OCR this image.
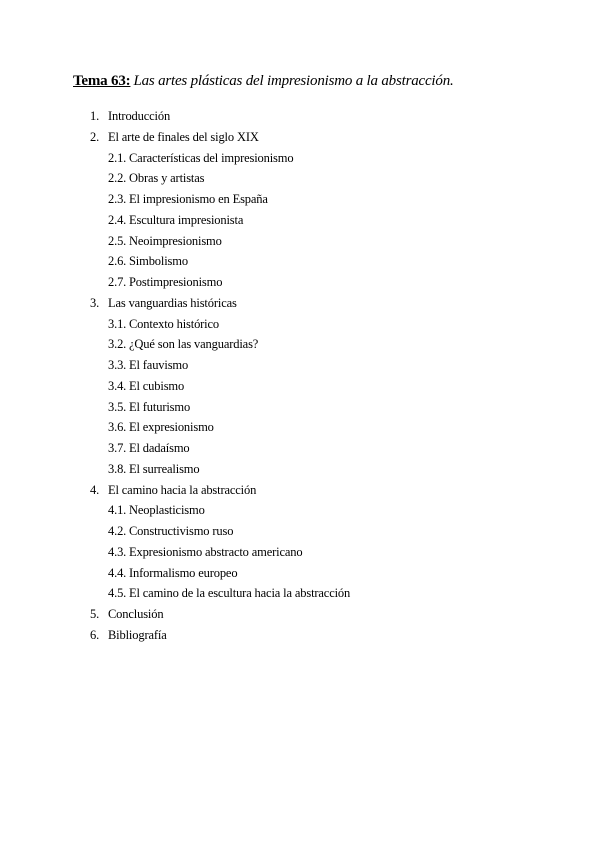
Tema 63: Las artes plásticas del impresionismo a la abstracción.
1. Introducción
2. El arte de finales del siglo XIX
2.1. Características del impresionismo
2.2. Obras y artistas
2.3. El impresionismo en España
2.4. Escultura impresionista
2.5. Neoimpresionismo
2.6. Simbolismo
2.7. Postimpresionismo
3. Las vanguardias históricas
3.1. Contexto histórico
3.2. ¿Qué son las vanguardias?
3.3. El fauvismo
3.4. El cubismo
3.5. El futurismo
3.6. El expresionismo
3.7. El dadaísmo
3.8. El surrealismo
4. El camino hacia la abstracción
4.1. Neoplasticismo
4.2. Constructivismo ruso
4.3. Expresionismo abstracto americano
4.4. Informalismo europeo
4.5. El camino de la escultura hacia la abstracción
5. Conclusión
6. Bibliografía
